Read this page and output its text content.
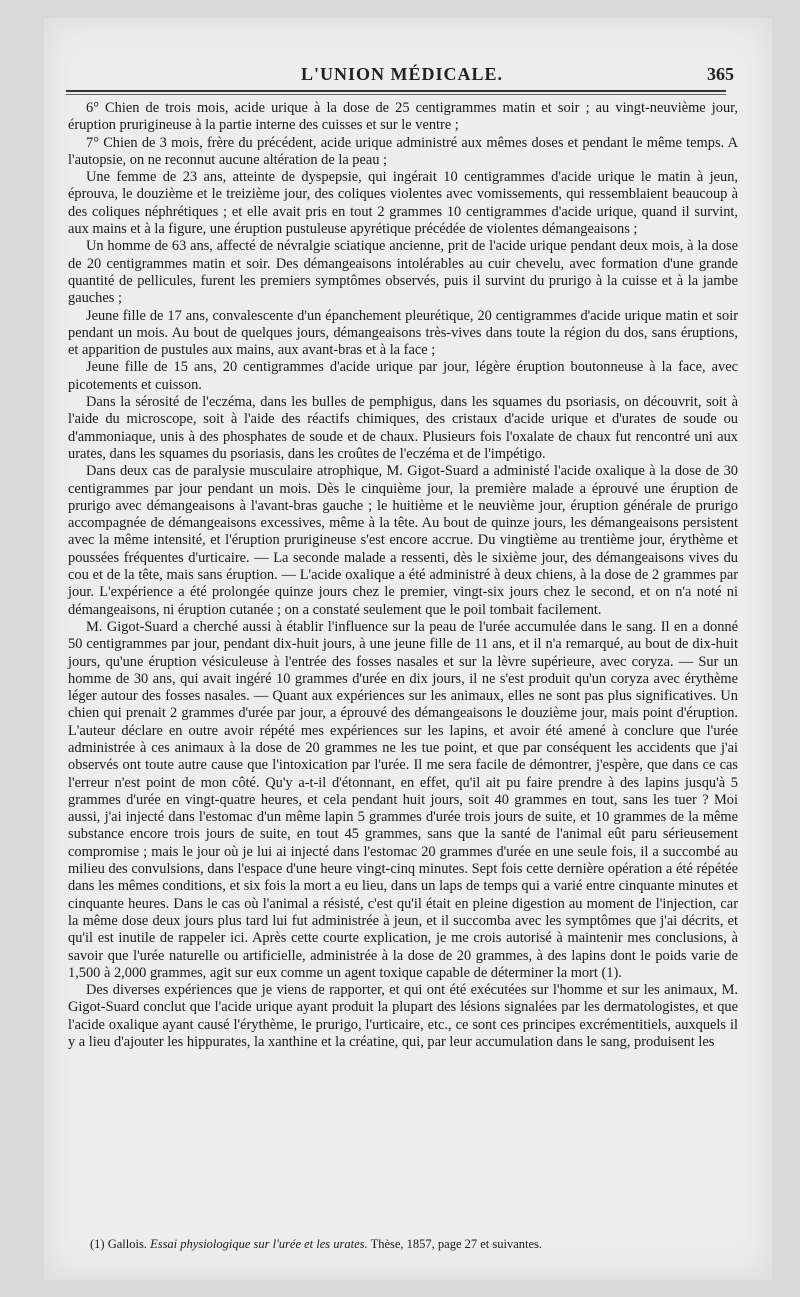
L'UNION MÉDICALE.	365

6° Chien de trois mois, acide urique à la dose de 25 centigrammes matin et soir ; au vingt-neuvième jour, éruption prurigineuse à la partie interne des cuisses et sur le ventre ;

7° Chien de 3 mois, frère du précédent, acide urique administré aux mêmes doses et pendant le même temps. A l'autopsie, on ne reconnut aucune altération de la peau ;

Une femme de 23 ans, atteinte de dyspepsie, qui ingérait 10 centigrammes d'acide urique le matin à jeun, éprouva, le douzième et le treizième jour, des coliques violentes avec vomissements, qui ressemblaient beaucoup à des coliques néphrétiques ; et elle avait pris en tout 2 grammes 10 centigrammes d'acide urique, quand il survint, aux mains et à la figure, une éruption pustuleuse apyrétique précédée de violentes démangeaisons ;

Un homme de 63 ans, affecté de névralgie sciatique ancienne, prit de l'acide urique pendant deux mois, à la dose de 20 centigrammes matin et soir. Des démangeaisons intolérables au cuir chevelu, avec formation d'une grande quantité de pellicules, furent les premiers symptômes observés, puis il survint du prurigo à la cuisse et à la jambe gauches ;

Jeune fille de 17 ans, convalescente d'un épanchement pleurétique, 20 centigrammes d'acide urique matin et soir pendant un mois. Au bout de quelques jours, démangeaisons très-vives dans toute la région du dos, sans éruptions, et apparition de pustules aux mains, aux avant-bras et à la face ;

Jeune fille de 15 ans, 20 centigrammes d'acide urique par jour, légère éruption boutonneuse à la face, avec picotements et cuisson.

Dans la sérosité de l'eczéma, dans les bulles de pemphigus, dans les squames du psoriasis, on découvrit, soit à l'aide du microscope, soit à l'aide des réactifs chimiques, des cristaux d'acide urique et d'urates de soude ou d'ammoniaque, unis à des phosphates de soude et de chaux. Plusieurs fois l'oxalate de chaux fut rencontré uni aux urates, dans les squames du psoriasis, dans les croûtes de l'eczéma et de l'impétigo.

Dans deux cas de paralysie musculaire atrophique, M. Gigot-Suard a administé l'acide oxalique à la dose de 30 centigrammes par jour pendant un mois. Dès le cinquième jour, la première malade a éprouvé une éruption de prurigo avec démangeaisons à l'avant-bras gauche ; le huitième et le neuvième jour, éruption générale de prurigo accompagnée de démangeaisons excessives, même à la tête. Au bout de quinze jours, les démangeaisons persistent avec la même intensité, et l'éruption prurigineuse s'est encore accrue. Du vingtième au trentième jour, érythème et poussées fréquentes d'urticaire. — La seconde malade a ressenti, dès le sixième jour, des démangeaisons vives du cou et de la tête, mais sans éruption. — L'acide oxalique a été administré à deux chiens, à la dose de 2 grammes par jour. L'expérience a été prolongée quinze jours chez le premier, vingt-six jours chez le second, et on n'a noté ni démangeaisons, ni éruption cutanée ; on a constaté seulement que le poil tombait facilement.

M. Gigot-Suard a cherché aussi à établir l'influence sur la peau de l'urée accumulée dans le sang. Il en a donné 50 centigrammes par jour, pendant dix-huit jours, à une jeune fille de 11 ans, et il n'a remarqué, au bout de dix-huit jours, qu'une éruption vésiculeuse à l'entrée des fosses nasales et sur la lèvre supérieure, avec coryza. — Sur un homme de 30 ans, qui avait ingéré 10 grammes d'urée en dix jours, il ne s'est produit qu'un coryza avec érythème léger autour des fosses nasales. — Quant aux expériences sur les animaux, elles ne sont pas plus significatives. Un chien qui prenait 2 grammes d'urée par jour, a éprouvé des démangeaisons le douzième jour, mais point d'éruption. L'auteur déclare en outre avoir répété mes expériences sur les lapins, et avoir été amené à conclure que l'urée administrée à ces animaux à la dose de 20 grammes ne les tue point, et que par conséquent les accidents que j'ai observés ont toute autre cause que l'intoxication par l'urée. Il me sera facile de démontrer, j'espère, que dans ce cas l'erreur n'est point de mon côté. Qu'y a-t-il d'étonnant, en effet, qu'il ait pu faire prendre à des lapins jusqu'à 5 grammes d'urée en vingt-quatre heures, et cela pendant huit jours, soit 40 grammes en tout, sans les tuer ? Moi aussi, j'ai injecté dans l'estomac d'un même lapin 5 grammes d'urée trois jours de suite, et 10 grammes de la même substance encore trois jours de suite, en tout 45 grammes, sans que la santé de l'animal eût paru sérieusement compromise ; mais le jour où je lui ai injecté dans l'estomac 20 grammes d'urée en une seule fois, il a succombé au milieu des convulsions, dans l'espace d'une heure vingt-cinq minutes. Sept fois cette dernière opération a été répétée dans les mêmes conditions, et six fois la mort a eu lieu, dans un laps de temps qui a varié entre cinquante minutes et cinquante heures. Dans le cas où l'animal a résisté, c'est qu'il était en pleine digestion au moment de l'injection, car la même dose deux jours plus tard lui fut administrée à jeun, et il succomba avec les symptômes que j'ai décrits, et qu'il est inutile de rappeler ici. Après cette courte explication, je me crois autorisé à maintenir mes conclusions, à savoir que l'urée naturelle ou artificielle, administrée à la dose de 20 grammes, à des lapins dont le poids varie de 1,500 à 2,000 grammes, agit sur eux comme un agent toxique capable de déterminer la mort (1).

Des diverses expériences que je viens de rapporter, et qui ont été exécutées sur l'homme et sur les animaux, M. Gigot-Suard conclut que l'acide urique ayant produit la plupart des lésions signalées par les dermatologistes, et que l'acide oxalique ayant causé l'érythème, le prurigo, l'urticaire, etc., ce sont ces principes excrémentitiels, auxquels il y a lieu d'ajouter les hippurates, la xanthine et la créatine, qui, par leur accumulation dans le sang, produisent les

(1) Gallois. Essai physiologique sur l'urée et les urates. Thèse, 1857, page 27 et suivantes.
